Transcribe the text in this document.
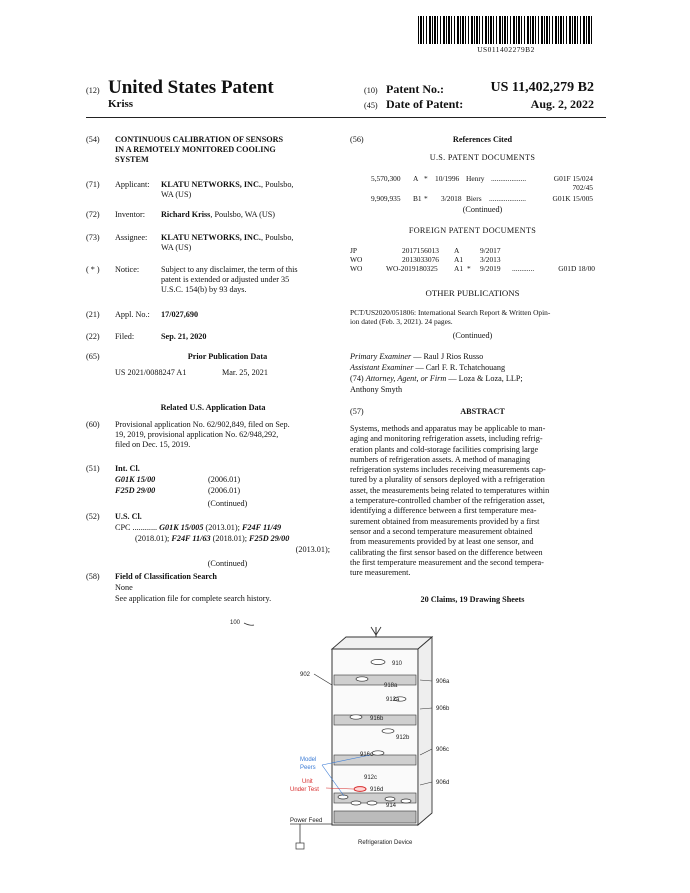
US011402279B2
(12) United States Patent
Kriss
(10) Patent No.:	US 11,402,279 B2
(45) Date of Patent:	Aug. 2, 2022
(54) CONTINUOUS CALIBRATION OF SENSORS
IN A REMOTELY MONITORED COOLING
SYSTEM
(71) Applicant: KLATU NETWORKS, INC., Poulsbo,
WA (US)
(72) Inventor: Richard Kriss, Poulsbo, WA (US)
(73) Assignee: KLATU NETWORKS, INC., Poulsbo,
WA (US)
( * ) Notice:	Subject to any disclaimer, the term of this
patent is extended or adjusted under 35
U.S.C. 154(b) by 93 days.
(21) Appl. No.: 17/027,690
(22) Filed:	Sep. 21, 2020
(65)	Prior Publication Data
US 2021/0088247 A1	Mar. 25, 2021
Related U.S. Application Data
(60) Provisional application No. 62/902,849, filed on Sep.
19, 2019, provisional application No. 62/948,292,
filed on Dec. 15, 2019.
(51) Int. Cl.
G01K 15/00	(2006.01)
F25D 29/00	(2006.01)
(Continued)
(52) U.S. Cl.
CPC ............ G01K 15/005 (2013.01); F24F 11/49
(2018.01); F24F 11/63 (2018.01); F25D 29/00
(2013.01);
(Continued)
(58) Field of Classification Search
None
See application file for complete search history.
(56)	References Cited
U.S. PATENT DOCUMENTS
5,570,300 A * 10/1996 Henry ...................	G01F 15/024
702/45
9,909,935 B1 * 3/2018 Biers ....................	G01K 15/005
(Continued)
FOREIGN PATENT DOCUMENTS
JP	2017156013 A	9/2017
WO	2013033076 A1 3/2013
WO	WO-2019180325 A1 * 9/2019 ............	G01D 18/00
OTHER PUBLICATIONS
PCT/US2020/051806: International Search Report & Written Opin-
ion dated (Feb. 3, 2021). 24 pages.
(Continued)
Primary Examiner — Raul J Rios Russo
Assistant Examiner — Carl F. R. Tchatchouang
(74) Attorney, Agent, or Firm — Loza & Loza, LLP;
Anthony Smyth
(57)	ABSTRACT
Systems, methods and apparatus may be applicable to man-
aging and monitoring refrigeration assets, including refrig-
eration plants and cold-storage facilities comprising large
numbers of refrigeration assets. A method of managing
refrigeration systems includes receiving measurements cap-
tured by a plurality of sensors deployed with a refrigeration
asset, the measurements being related to temperatures within
a temperature-controlled chamber of the refrigeration asset,
identifying a difference between a first temperature mea-
surement obtained from measurements provided by a first
sensor and a second temperature measurement obtained
from measurements provided by at least one sensor, and
calibrating the first sensor based on the difference between
the first temperature measurement and the second tempera-
ture measurement.
20 Claims, 19 Drawing Sheets
100
910
918a
912a
916b
912b
916c
912c
916d
914
902
906a
906b
906c
906d
Model
Peers
Unit
Under Test
Power Feed
Refrigeration Device
